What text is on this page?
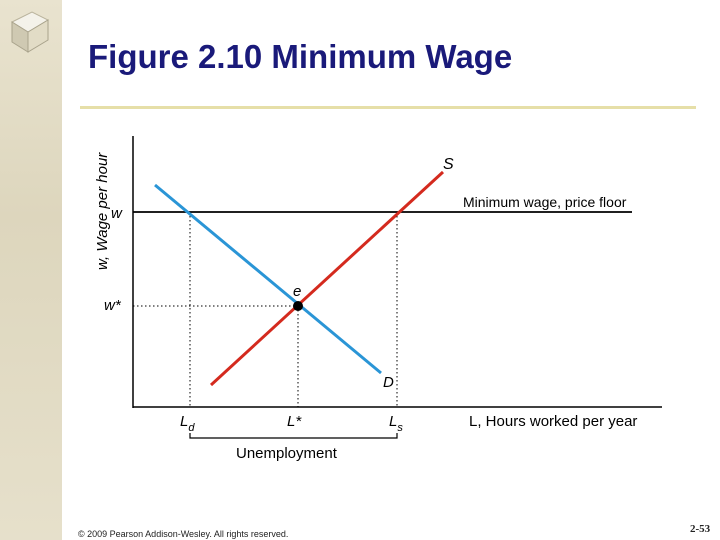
Figure 2.10 Minimum Wage
w, Wage per hour w
w*
Minimum wage, price floor
D
S
e
$L_d$	L*	$L_s$	L, Hours worked per year
Unemployment
© 2009 Pearson Addison-Wesley. All rights reserved.	2-53
